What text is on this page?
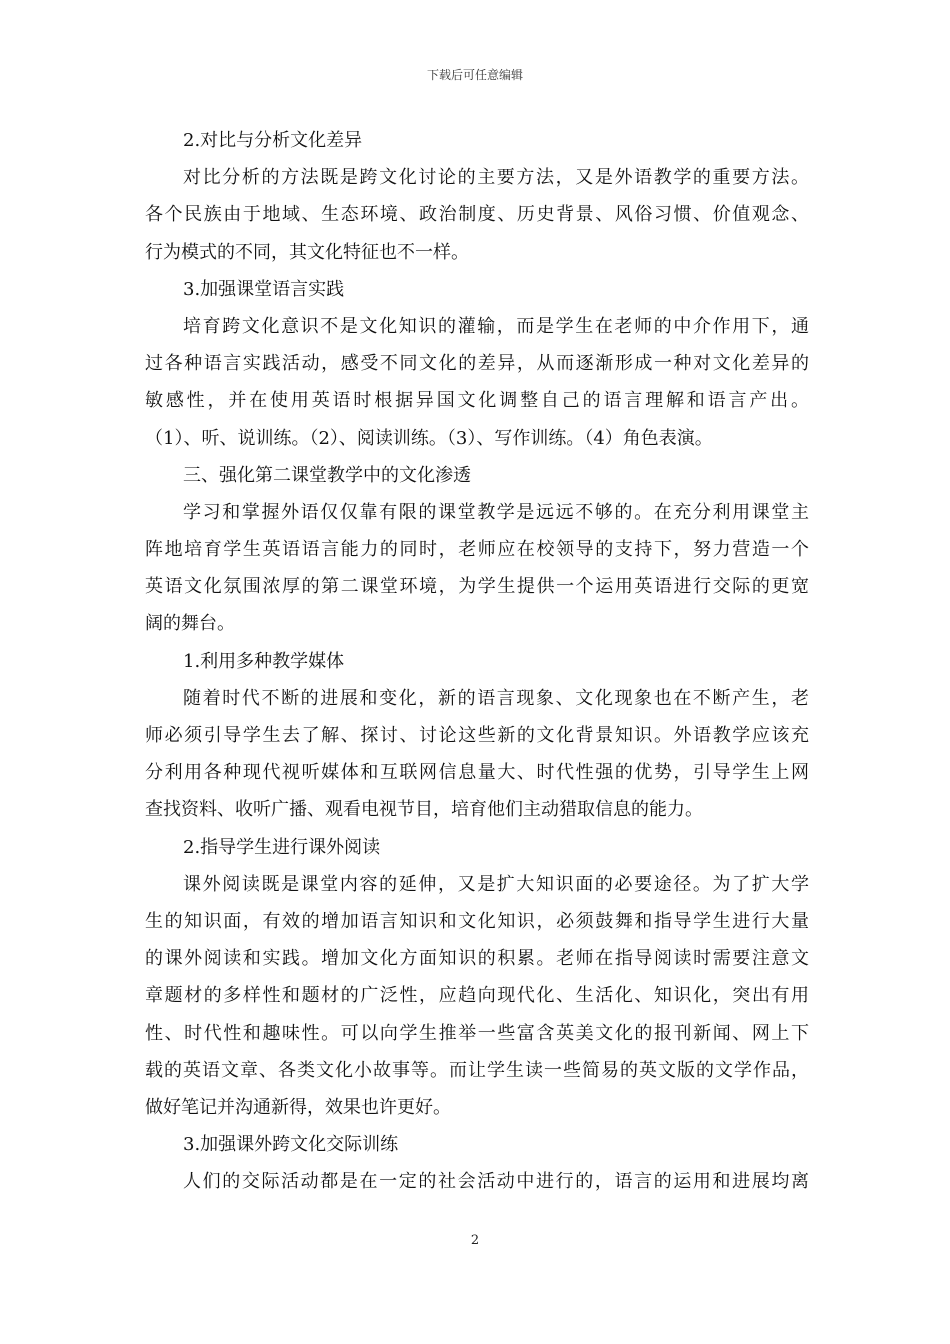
下载后可任意编辑
2.对比与分析文化差异
对比分析的方法既是跨文化讨论的主要方法，又是外语教学的重要方法。
各个民族由于地域、生态环境、政治制度、历史背景、风俗习惯、价值观念、
行为模式的不同，其文化特征也不一样。
3.加强课堂语言实践
培育跨文化意识不是文化知识的灌输，而是学生在老师的中介作用下，通
过各种语言实践活动，感受不同文化的差异，从而逐渐形成一种对文化差异的
敏感性，并在使用英语时根据异国文化调整自己的语言理解和语言产出。
（1）、听、说训练。（2）、阅读训练。（3）、写作训练。（4）角色表演。
三、强化第二课堂教学中的文化渗透
学习和掌握外语仅仅靠有限的课堂教学是远远不够的。在充分利用课堂主
阵地培育学生英语语言能力的同时，老师应在校领导的支持下，努力营造一个
英语文化氛围浓厚的第二课堂环境，为学生提供一个运用英语进行交际的更宽
阔的舞台。
1.利用多种教学媒体
随着时代不断的进展和变化，新的语言现象、文化现象也在不断产生，老
师必须引导学生去了解、探讨、讨论这些新的文化背景知识。外语教学应该充
分利用各种现代视听媒体和互联网信息量大、时代性强的优势，引导学生上网
查找资料、收听广播、观看电视节目，培育他们主动猎取信息的能力。
2.指导学生进行课外阅读
课外阅读既是课堂内容的延伸，又是扩大知识面的必要途径。为了扩大学
生的知识面，有效的增加语言知识和文化知识，必须鼓舞和指导学生进行大量
的课外阅读和实践。增加文化方面知识的积累。老师在指导阅读时需要注意文
章题材的多样性和题材的广泛性，应趋向现代化、生活化、知识化，突出有用
性、时代性和趣味性。可以向学生推举一些富含英美文化的报刊新闻、网上下
载的英语文章、各类文化小故事等。而让学生读一些简易的英文版的文学作品，
做好笔记并沟通新得，效果也许更好。
3.加强课外跨文化交际训练
人们的交际活动都是在一定的社会活动中进行的，语言的运用和进展均离
2
